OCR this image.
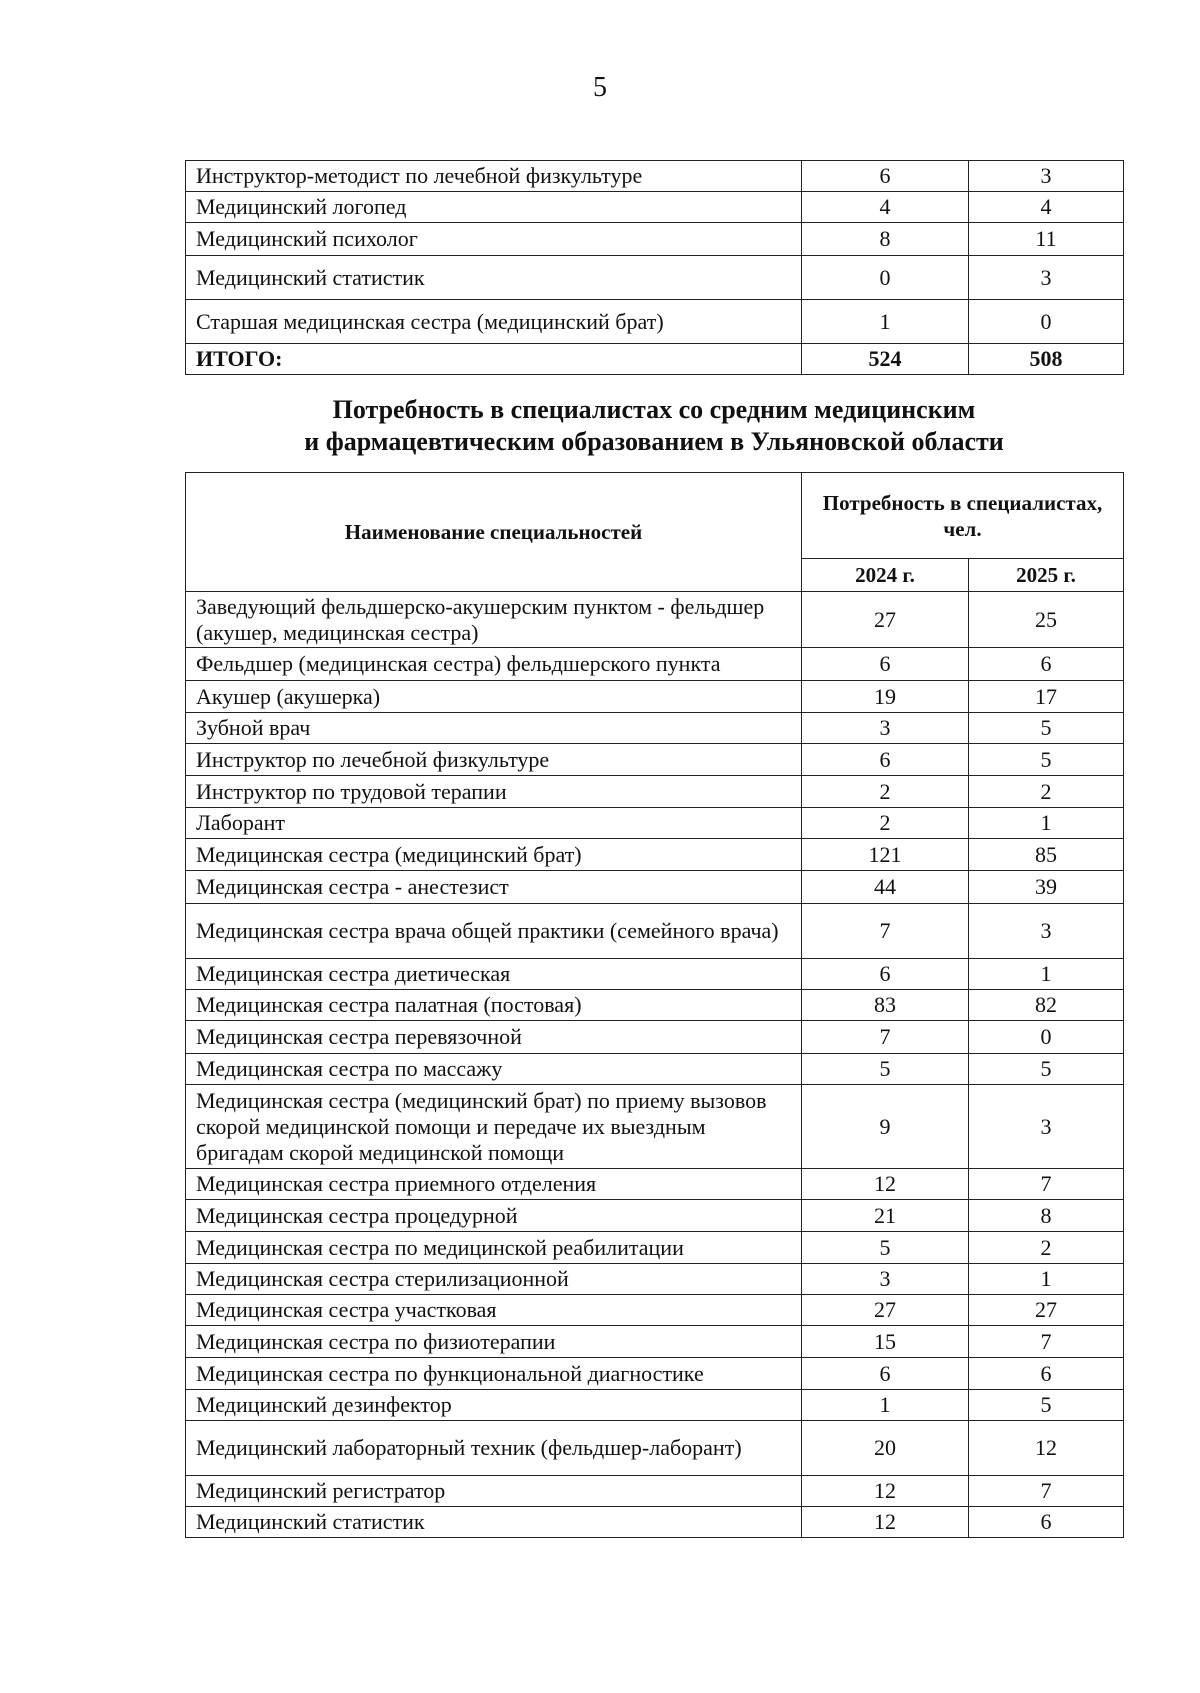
5
Инструктор-методист по лечебной физкультуре	6	3
Медицинский логопед	4	4
Медицинский психолог	8	11
Медицинский статистик	0	3
Старшая медицинская сестра (медицинский брат)	1	0
ИТОГО:	524	508
Потребность в специалистах со средним медицинским
и фармацевтическим образованием в Ульяновской области
Наименование специальностей	Потребность в специалистах, чел.	
	2024 г.	2025 г.
Заведующий фельдшерско-акушерским пунктом - фельдшер (акушер, медицинская сестра)	27	25
Фельдшер (медицинская сестра) фельдшерского пункта	6	6
Акушер (акушерка)	19	17
Зубной врач	3	5
Инструктор по лечебной физкультуре	6	5
Инструктор по трудовой терапии	2	2
Лаборант	2	1
Медицинская сестра (медицинский брат)	121	85
Медицинская сестра - анестезист	44	39
Медицинская сестра врача общей практики (семейного врача)	7	3
Медицинская сестра диетическая	6	1
Медицинская сестра палатная (постовая)	83	82
Медицинская сестра перевязочной	7	0
Медицинская сестра по массажу	5	5
Медицинская сестра (медицинский брат) по приему вызовов скорой медицинской помощи и передаче их выездным бригадам скорой медицинской помощи	9	3
Медицинская сестра приемного отделения	12	7
Медицинская сестра процедурной	21	8
Медицинская сестра по медицинской реабилитации	5	2
Медицинская сестра стерилизационной	3	1
Медицинская сестра участковая	27	27
Медицинская сестра по физиотерапии	15	7
Медицинская сестра по функциональной диагностике	6	6
Медицинский дезинфектор	1	5
Медицинский лабораторный техник (фельдшер-лаборант)	20	12
Медицинский регистратор	12	7
Медицинский статистик	12	6
